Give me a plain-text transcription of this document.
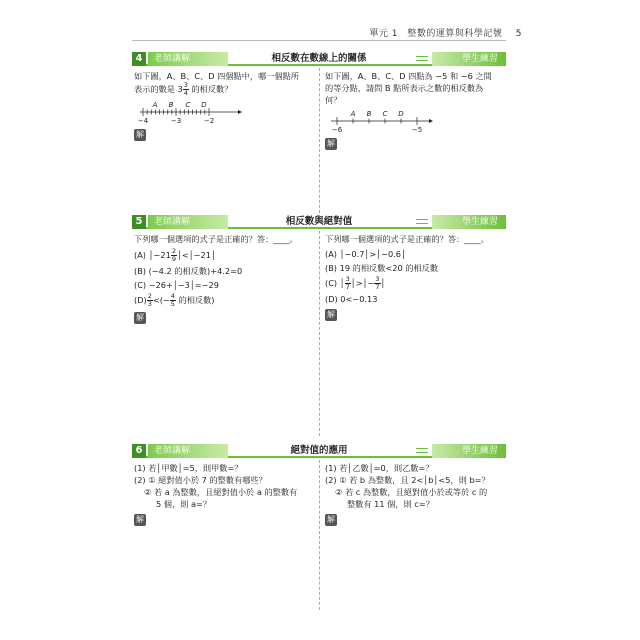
單元 1 整數的運算與科學記號 5
老師講解
4	相反數在數線上的關係	學生練習
如下圖，A、B、C、D 四個點中，哪一個點所
表示的數是 $3 \frac{3}{4}$ 的相反數？
−4	−3	−2
A B C D
解
如下圖，A、B、C、D 四點為 −5 和 −6 之間
的等分點，請問 B 點所表示之數的相反數為
何？
−6	−5
A B C D
解
老師講解
5	相反數與絕對值	學生練習
下列哪一個選項的式子是正確的？答：____。
(A) │−21 $\frac{2}{9}$ │<│−21│
(B) (−4.2 的相反數)+4.2=0
(C) −26+│−3│=−29
$(D) \frac{2}{3}$ <(− $\frac{4}{5}$ 的相反數)
解
下列哪一個選項的式子是正確的？答：____。
(A) │−0.7│>│−0.6│
(B) 19 的相反數<20 的相反數
(C) │ $\frac{3}{7}$ │>│− $\frac{3}{7}$ │
(D) 0<−0.13
解
老師講解
6	絕對值的應用	學生練習
(1) 若│甲數│=5，則甲數=？
(2) ① 絕對值小於 7 的整數有哪些？
② 若 a 為整數，且絕對值小於 a 的整數有
5 個，則 a=？
解
(1) 若│乙數│=0，則乙數=？
(2) ① 若 b 為整數，且 2<│b│<5，則 b=？
② 若 c 為整數，且絕對值小於或等於 c 的
整數有 11 個，則 c=？
解
